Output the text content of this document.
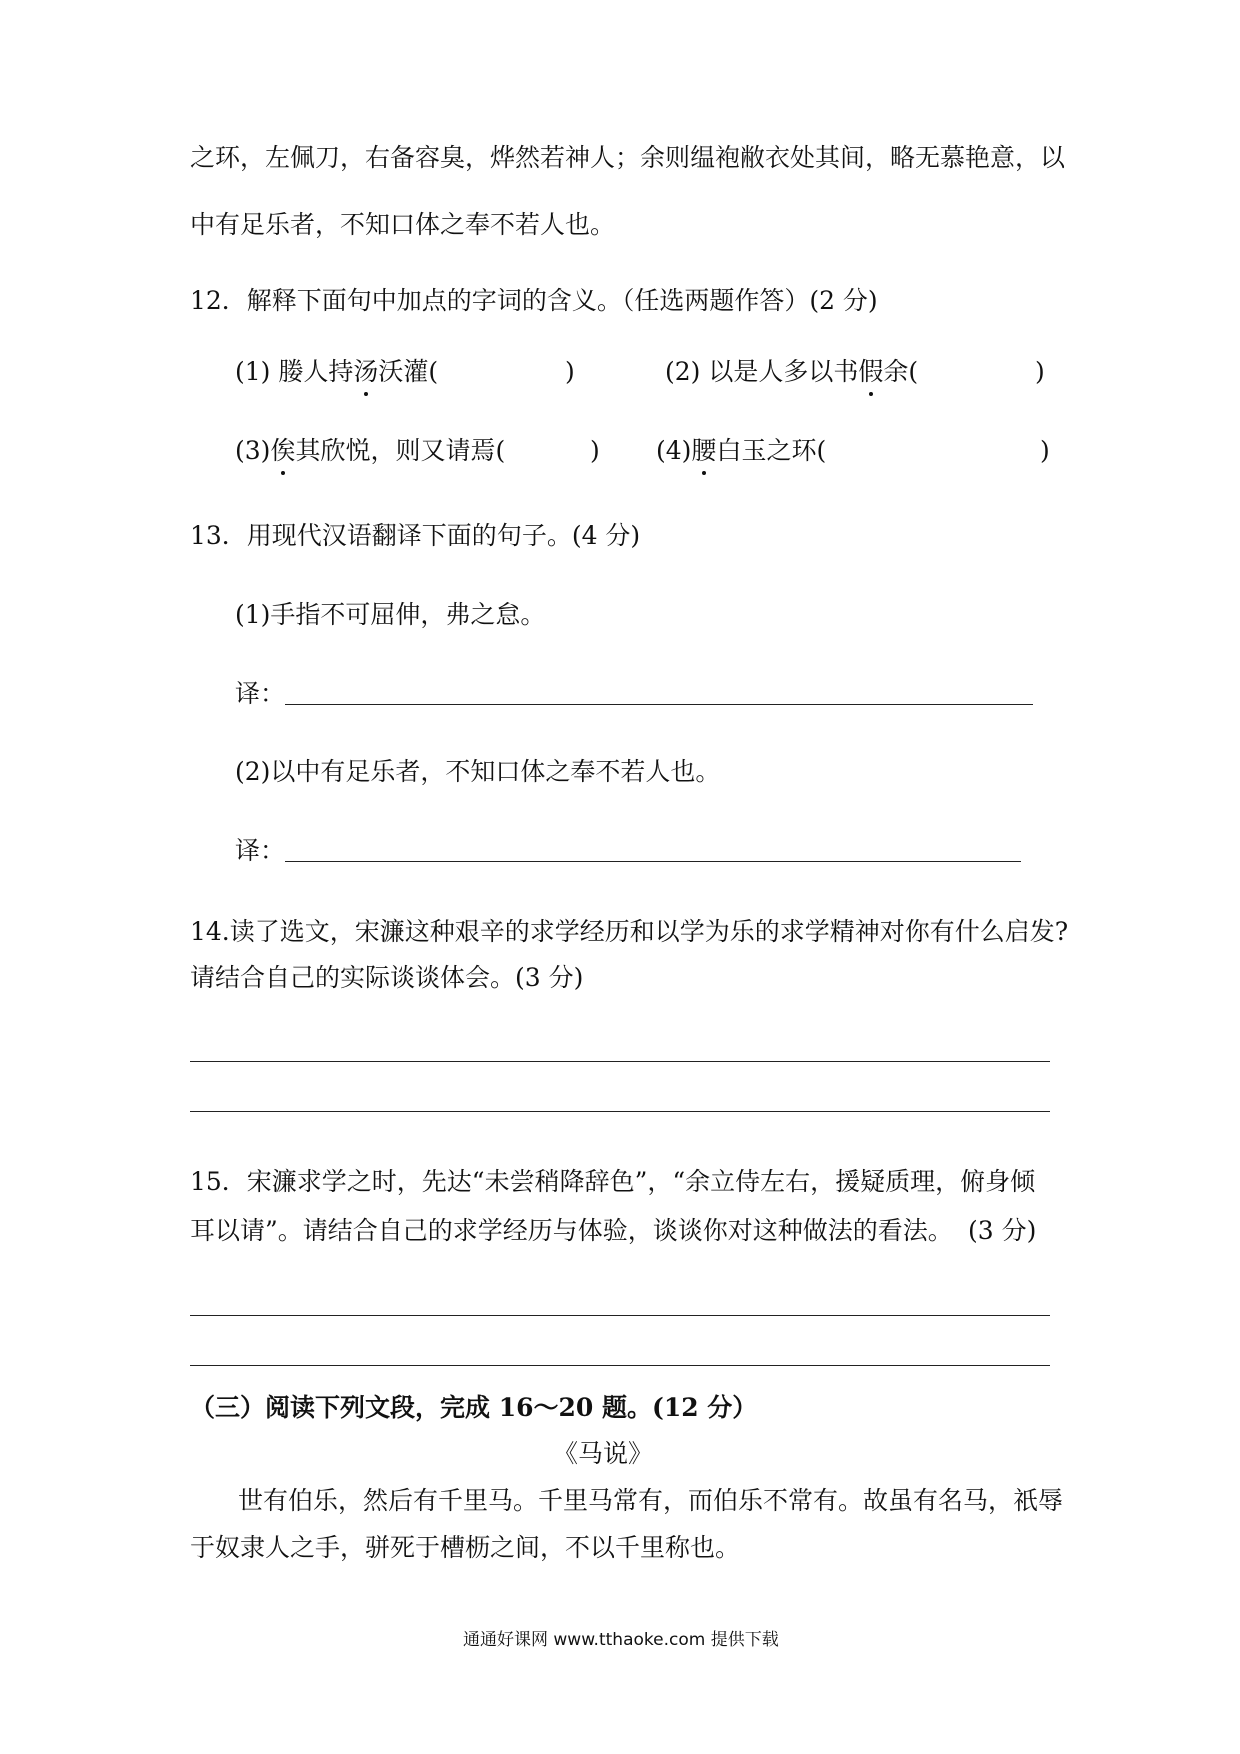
之环，左佩刀，右备容臭，烨然若神人；余则缊袍敝衣处其间，略无慕艳意，以
中有足乐者，不知口体之奉不若人也。
12．解释下面句中加点的字词的含义。（任选两题作答）(2 分)
(1) 媵人持汤沃灌(	)	(2) 以是人多以书假余(	)
(3)俟其欣悦，则又请焉(	) (4)腰白玉之环(	)
13．用现代汉语翻译下面的句子。(4 分)
(1)手指不可屈伸，弗之怠。
译：
(2)以中有足乐者，不知口体之奉不若人也。
译：
14.读了选文，宋濂这种艰辛的求学经历和以学为乐的求学精神对你有什么启发?
请结合自己的实际谈谈体会。(3 分)
15．宋濂求学之时，先达“未尝稍降辞色”，“余立侍左右，援疑质理，俯身倾
耳以请”。请结合自己的求学经历与体验，谈谈你对这种做法的看法。 (3 分)
（三）阅读下列文段，完成 16～20 题。(12 分）
《马说》
世有伯乐，然后有千里马。千里马常有，而伯乐不常有。故虽有名马，祇辱
于奴隶人之手，骈死于槽枥之间，不以千里称也。
通通好课网 www.tthaoke.com 提供下载
